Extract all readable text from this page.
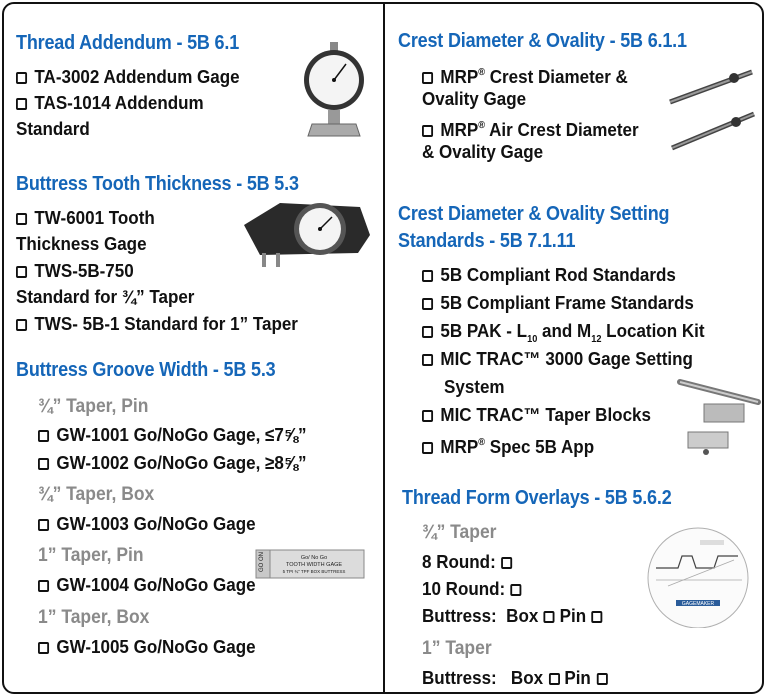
Thread Addendum - 5B 6.1
TA-3002 Addendum Gage
TAS-1014 Addendum
Standard
Buttress Tooth Thickness - 5B 5.3
TW-6001 Tooth
Thickness Gage
TWS-5B-750
Standard for ¾” Taper
TWS- 5B-1 Standard for 1” Taper
Buttress Groove Width - 5B 5.3
¾” Taper, Pin
GW-1001 Go/NoGo Gage, ≤7⅝”
GW-1002 Go/NoGo Gage, ≥8⅝”
¾” Taper, Box
GW-1003 Go/NoGo Gage
1” Taper, Pin
GW-1004 Go/NoGo Gage
1” Taper, Box
GW-1005 Go/NoGo Gage
GO ON	Go/ No Go
TOOTH WIDTH GAGE
5 TPI ¾” TPF BOX BUTTRESS
Crest Diameter & Ovality - 5B 6.1.1
MRP® Crest Diameter &
Ovality Gage
MRP® Air Crest Diameter
& Ovality Gage
Crest Diameter & Ovality Setting
Standards - 5B 7.1.11
5B Compliant Rod Standards
5B Compliant Frame Standards
5B PAK - $L_{10}$ and $M_{12}$ Location Kit
MIC TRAC™ 3000 Gage Setting
System
MIC TRAC™ Taper Blocks
MRP® Spec 5B App
Thread Form Overlays - 5B 5.6.2
¾” Taper
8 Round:
10 Round:
Buttress: Box Pin
1” Taper
Buttress: Box Pin
GAGEMAKER
